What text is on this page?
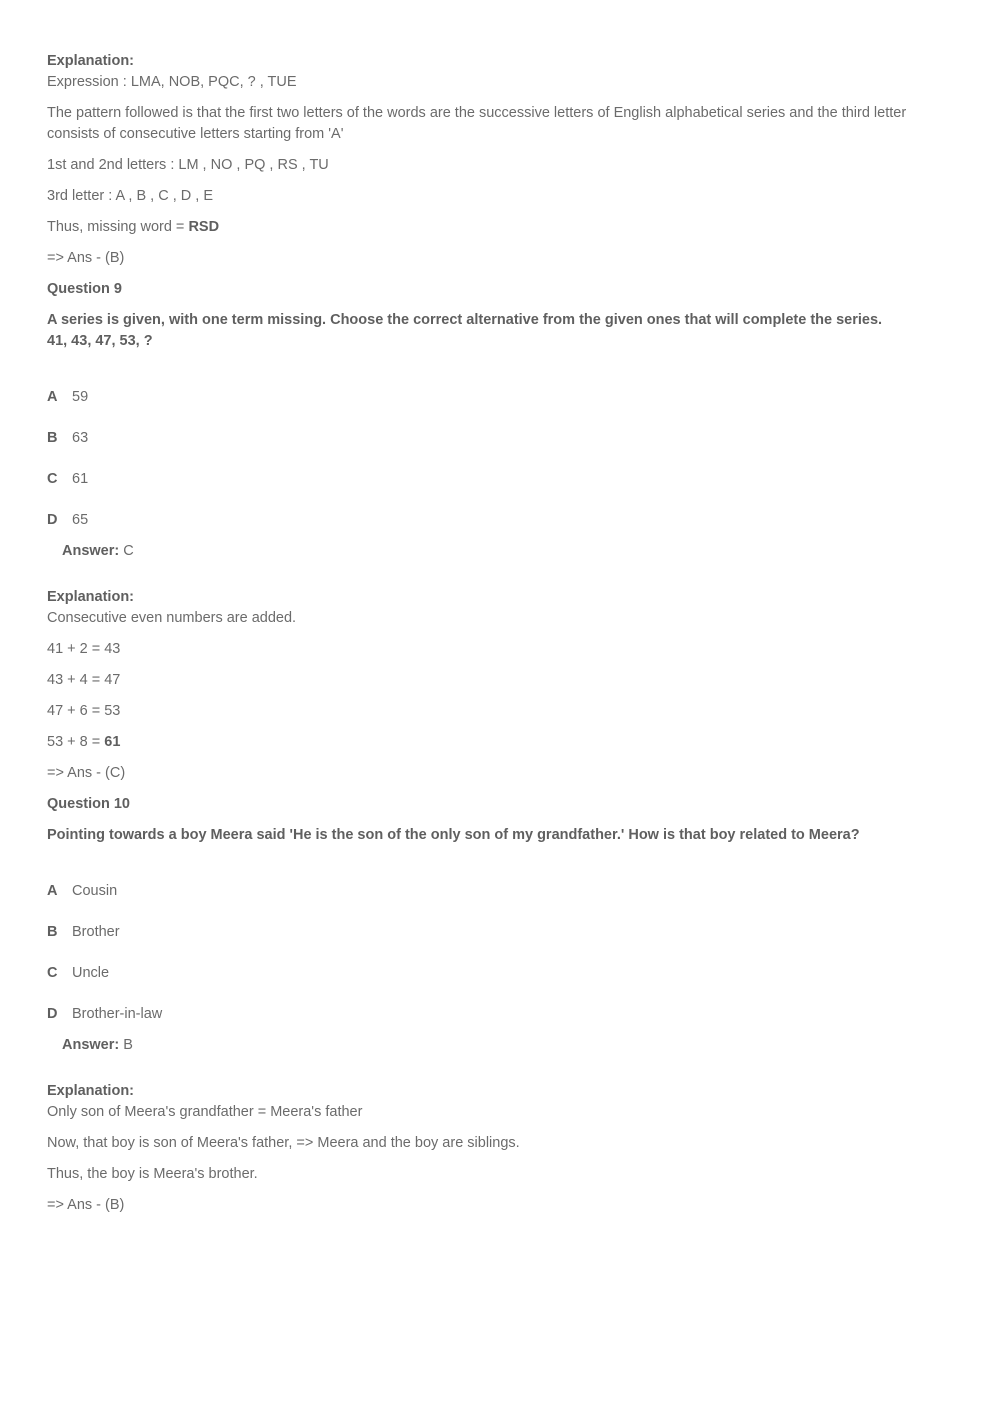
Explanation:
Expression : LMA, NOB, PQC, ? , TUE
The pattern followed is that the first two letters of the words are the successive letters of English alphabetical series and the third letter consists of consecutive letters starting from 'A'
1st and 2nd letters : LM , NO , PQ , RS , TU
3rd letter : A , B , C , D , E
Thus, missing word = RSD
=> Ans - (B)
Question 9
A series is given, with one term missing. Choose the correct alternative from the given ones that will complete the series.
41, 43, 47, 53, ?
A 59
B 63
C 61
D 65
Answer: C
Explanation:
Consecutive even numbers are added.
41 + 2 = 43
43 + 4 = 47
47 + 6 = 53
53 + 8 = 61
=> Ans - (C)
Question 10
Pointing towards a boy Meera said 'He is the son of the only son of my grandfather.' How is that boy related to Meera?
A Cousin
B Brother
C Uncle
D Brother-in-law
Answer: B
Explanation:
Only son of Meera's grandfather = Meera's father
Now, that boy is son of Meera's father, => Meera and the boy are siblings.
Thus, the boy is Meera's brother.
=> Ans - (B)
